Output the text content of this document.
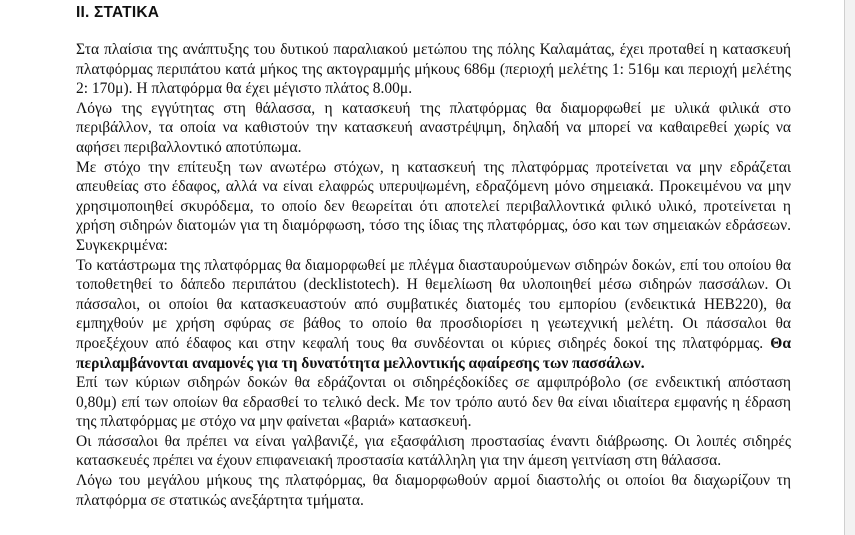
ΙΙ. ΣΤΑΤΙΚΑ

Στα πλαίσια της ανάπτυξης του δυτικού παραλιακού μετώπου της πόλης Καλαμάτας, έχει προταθεί η κατασκευή πλατφόρμας περιπάτου κατά μήκος της ακτογραμμής μήκους 686μ (περιοχή μελέτης 1: 516μ και περιοχή μελέτης 2: 170μ). Η πλατφόρμα θα έχει μέγιστο πλάτος 8.00μ.

Λόγω της εγγύτητας στη θάλασσα, η κατασκευή της πλατφόρμας θα διαμορφωθεί με υλικά φιλικά στο περιβάλλον, τα οποία να καθιστούν την κατασκευή αναστρέψιμη, δηλαδή να μπορεί να καθαιρεθεί χωρίς να αφήσει περιβαλλοντικό αποτύπωμα.

Με στόχο την επίτευξη των ανωτέρω στόχων, η κατασκευή της πλατφόρμας προτείνεται να μην εδράζεται απευθείας στο έδαφος, αλλά να είναι ελαφρώς υπερυψωμένη, εδραζόμενη μόνο σημειακά. Προκειμένου να μην χρησιμοποιηθεί σκυρόδεμα, το οποίο δεν θεωρείται ότι αποτελεί περιβαλλοντικά φιλικό υλικό, προτείνεται η χρήση σιδηρών διατομών για τη διαμόρφωση, τόσο της ίδιας της πλατφόρμας, όσο και των σημειακών εδράσεων. Συγκεκριμένα:

Το κατάστρωμα της πλατφόρμας θα διαμορφωθεί με πλέγμα διασταυρούμενων σιδηρών δοκών, επί του οποίου θα τοποθετηθεί το δάπεδο περιπάτου (decklistotech). Η θεμελίωση θα υλοποιηθεί μέσω σιδηρών πασσάλων. Οι πάσσαλοι, οι οποίοι θα κατασκευαστούν από συμβατικές διατομές του εμπορίου (ενδεικτικά HEB220), θα εμπηχθούν με χρήση σφύρας σε βάθος το οποίο θα προσδιορίσει η γεωτεχνική μελέτη. Οι πάσσαλοι θα προεξέχουν από έδαφος και στην κεφαλή τους θα συνδέονται οι κύριες σιδηρές δοκοί της πλατφόρμας. Θα περιλαμβάνονται αναμονές για τη δυνατότητα μελλοντικής αφαίρεσης των πασσάλων.

Επί των κύριων σιδηρών δοκών θα εδράζονται οι σιδηρέςδοκίδες σε αμφιπρόβολο (σε ενδεικτική απόσταση 0,80μ) επί των οποίων θα εδρασθεί το τελικό deck. Με τον τρόπο αυτό δεν θα είναι ιδιαίτερα εμφανής η έδραση της πλατφόρμας με στόχο να μην φαίνεται «βαριά» κατασκευή.

Οι πάσσαλοι θα πρέπει να είναι γαλβανιζέ, για εξασφάλιση προστασίας έναντι διάβρωσης. Οι λοιπές σιδηρές κατασκευές πρέπει να έχουν επιφανειακή προστασία κατάλληλη για την άμεση γειτνίαση στη θάλασσα.

Λόγω του μεγάλου μήκους της πλατφόρμας, θα διαμορφωθούν αρμοί διαστολής οι οποίοι θα διαχωρίζουν τη πλατφόρμα σε στατικώς ανεξάρτητα τμήματα.
